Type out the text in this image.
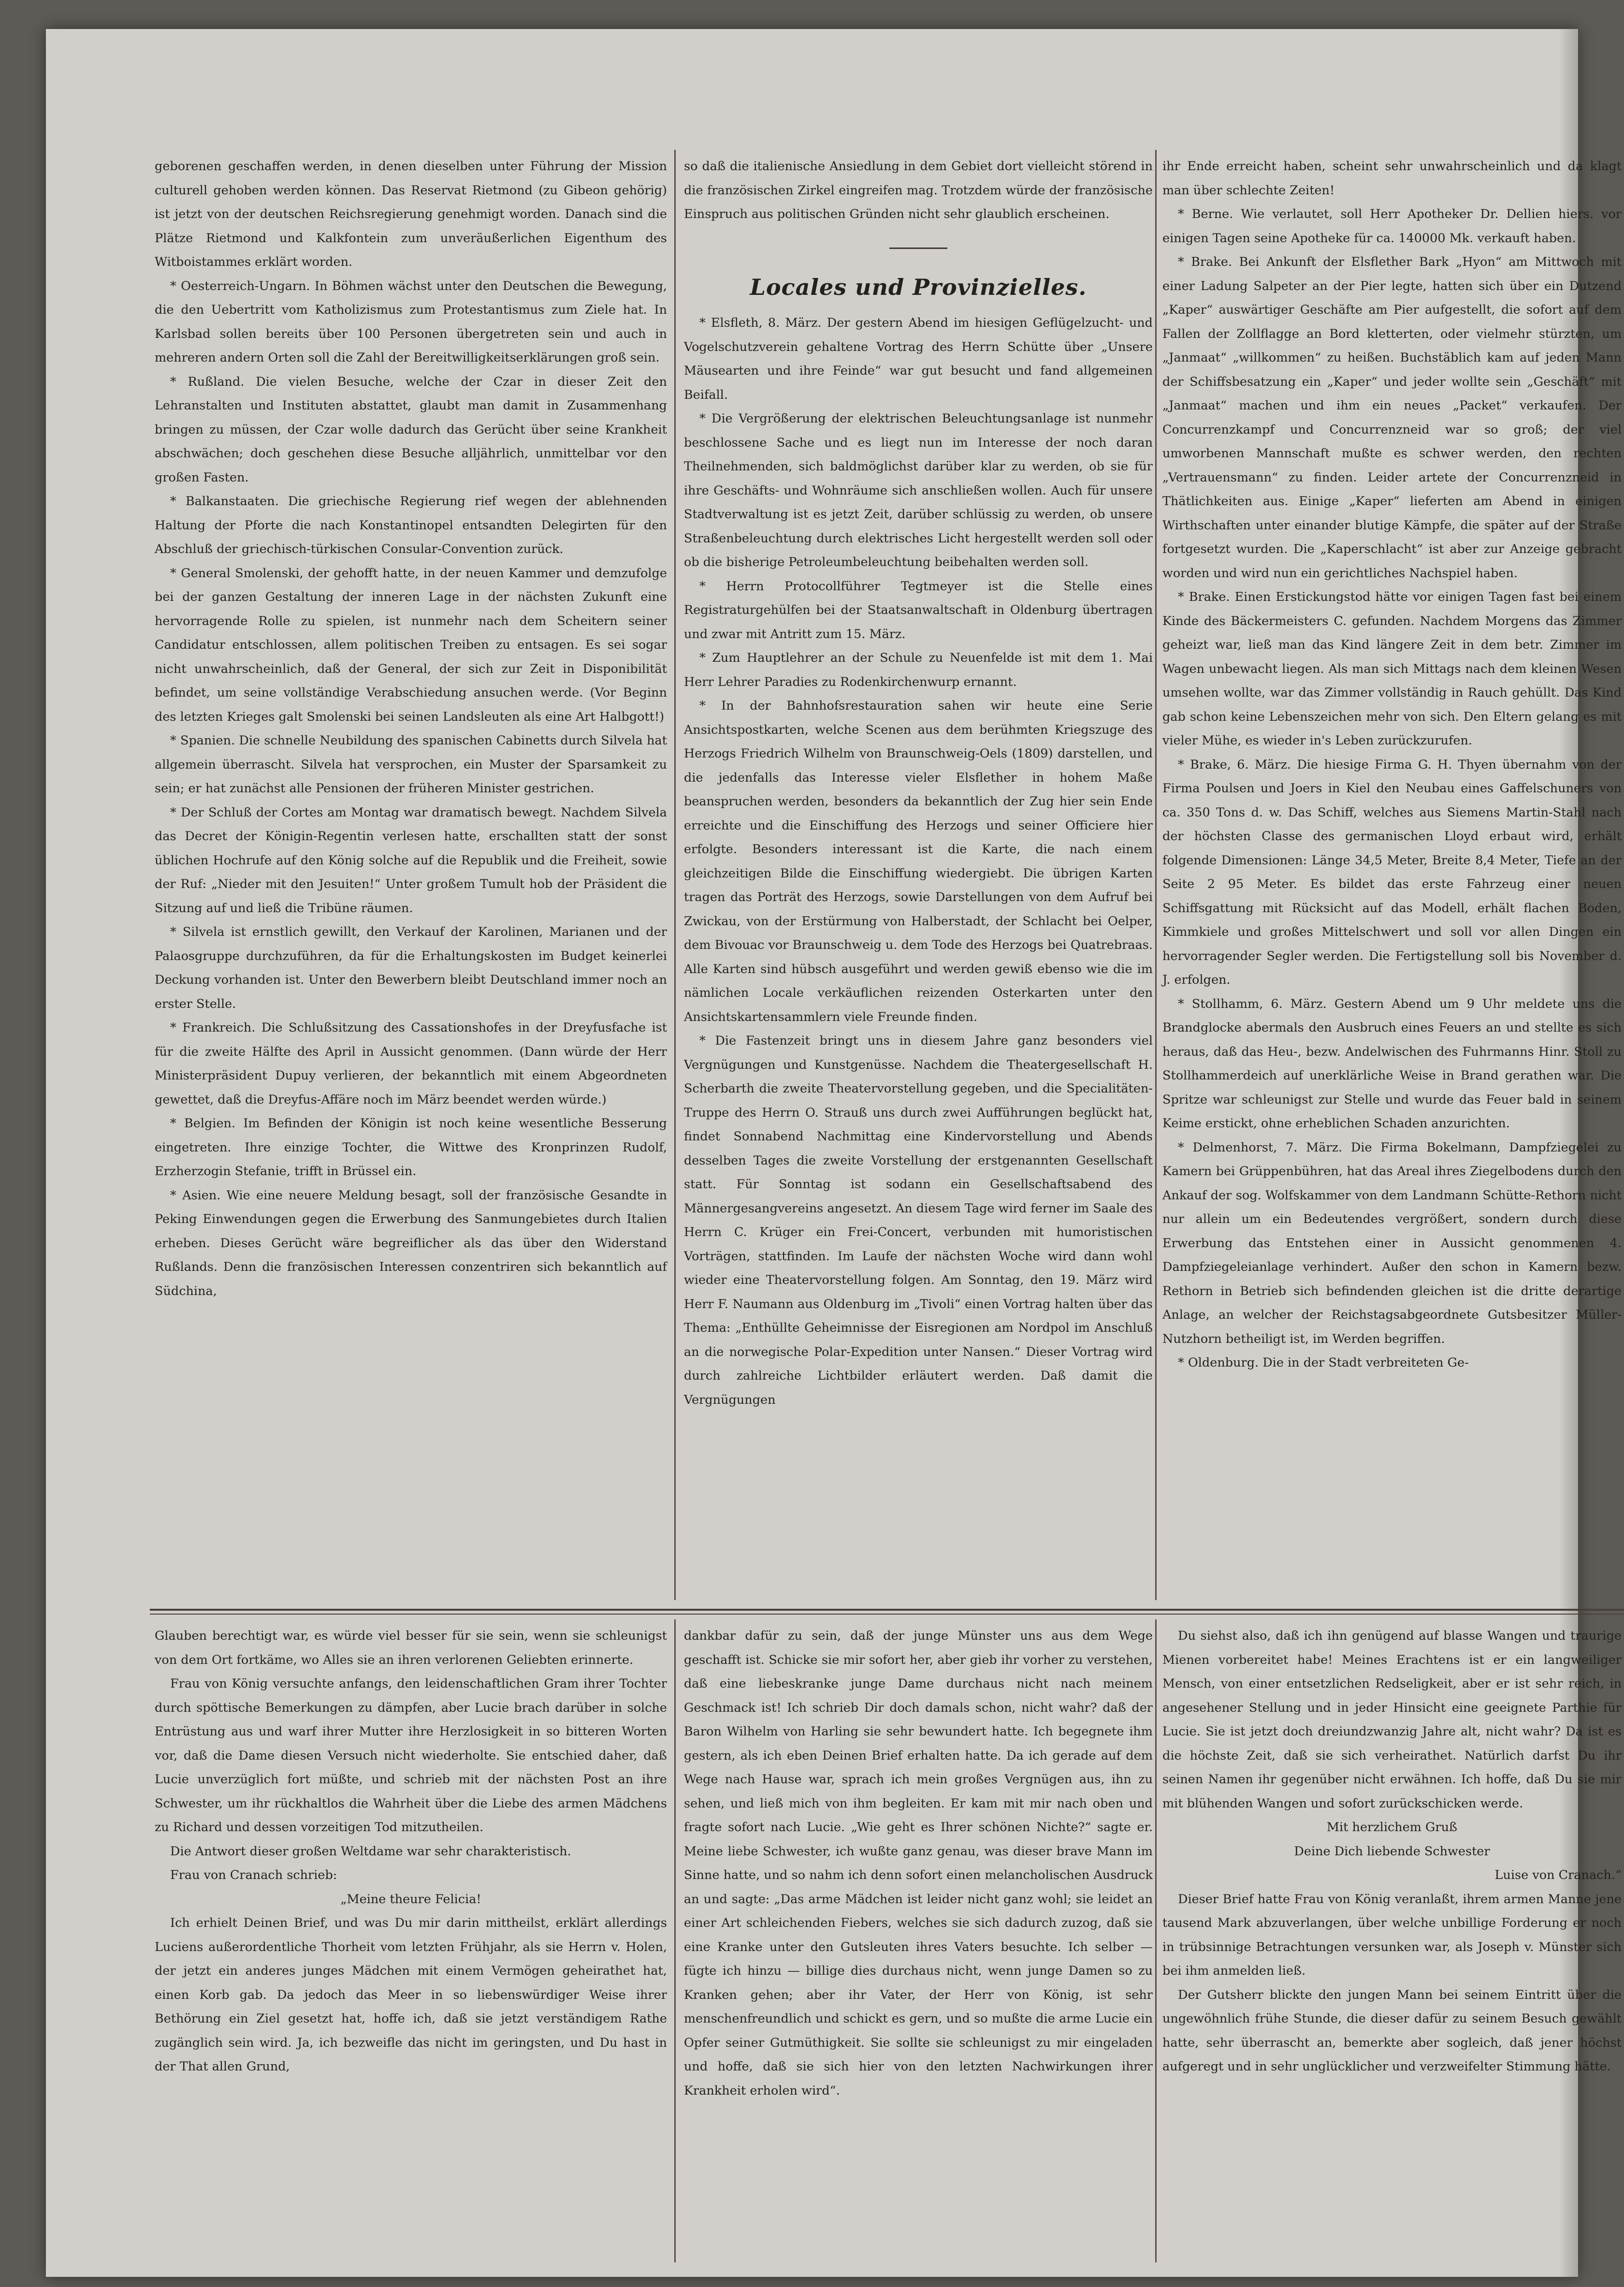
geborenen geschaffen werden, in denen dieselben unter Führung der Mission culturell gehoben werden können. Das Reservat Rietmond (zu Gibeon gehörig) ist jetzt von der deutschen Reichsregierung genehmigt worden. Danach sind die Plätze Rietmond und Kalkfontein zum unveräußerlichen Eigenthum des Witboistammes erklärt worden.

* Oesterreich-Ungarn. In Böhmen wächst unter den Deutschen die Bewegung, die den Uebertritt vom Katholizismus zum Protestantismus zum Ziele hat. In Karlsbad sollen bereits über 100 Personen übergetreten sein und auch in mehreren andern Orten soll die Zahl der Bereitwilligkeitserklärungen groß sein.

* Rußland. Die vielen Besuche, welche der Czar in dieser Zeit den Lehranstalten und Instituten abstattet, glaubt man damit in Zusammenhang bringen zu müssen, der Czar wolle dadurch das Gerücht über seine Krankheit abschwächen; doch geschehen diese Besuche alljährlich, unmittelbar vor den großen Fasten.

* Balkanstaaten. Die griechische Regierung rief wegen der ablehnenden Haltung der Pforte die nach Konstantinopel entsandten Delegirten für den Abschluß der griechisch-türkischen Consular-Convention zurück.

* General Smolenski, der gehofft hatte, in der neuen Kammer und demzufolge bei der ganzen Gestaltung der inneren Lage in der nächsten Zukunft eine hervorragende Rolle zu spielen, ist nunmehr nach dem Scheitern seiner Candidatur entschlossen, allem politischen Treiben zu entsagen. Es sei sogar nicht unwahrscheinlich, daß der General, der sich zur Zeit in Disponibilität befindet, um seine vollständige Verabschiedung ansuchen werde. (Vor Beginn des letzten Krieges galt Smolenski bei seinen Landsleuten als eine Art Halbgott!)

* Spanien. Die schnelle Neubildung des spanischen Cabinetts durch Silvela hat allgemein überrascht. Silvela hat versprochen, ein Muster der Sparsamkeit zu sein; er hat zunächst alle Pensionen der früheren Minister gestrichen.

* Der Schluß der Cortes am Montag war dramatisch bewegt. Nachdem Silvela das Decret der Königin-Regentin verlesen hatte, erschallten statt der sonst üblichen Hochrufe auf den König solche auf die Republik und die Freiheit, sowie der Ruf: „Nieder mit den Jesuiten!“ Unter großem Tumult hob der Präsident die Sitzung auf und ließ die Tribüne räumen.

* Silvela ist ernstlich gewillt, den Verkauf der Karolinen, Marianen und der Palaosgruppe durchzuführen, da für die Erhaltungskosten im Budget keinerlei Deckung vorhanden ist. Unter den Bewerbern bleibt Deutschland immer noch an erster Stelle.

* Frankreich. Die Schlußsitzung des Cassationshofes in der Dreyfusfache ist für die zweite Hälfte des April in Aussicht genommen. (Dann würde der Herr Ministerpräsident Dupuy verlieren, der bekanntlich mit einem Abgeordneten gewettet, daß die Dreyfus-Affäre noch im März beendet werden würde.)

* Belgien. Im Befinden der Königin ist noch keine wesentliche Besserung eingetreten. Ihre einzige Tochter, die Wittwe des Kronprinzen Rudolf, Erzherzogin Stefanie, trifft in Brüssel ein.

* Asien. Wie eine neuere Meldung besagt, soll der französische Gesandte in Peking Einwendungen gegen die Erwerbung des Sanmungebietes durch Italien erheben. Dieses Gerücht wäre begreiflicher als das über den Widerstand Rußlands. Denn die französischen Interessen conzentriren sich bekanntlich auf Südchina,

so daß die italienische Ansiedlung in dem Gebiet dort vielleicht störend in die französischen Zirkel eingreifen mag. Trotzdem würde der französische Einspruch aus politischen Gründen nicht sehr glaublich erscheinen.

Locales und Provinzielles.

* Elsfleth, 8. März. Der gestern Abend im hiesigen Geflügelzucht- und Vogelschutzverein gehaltene Vortrag des Herrn Schütte über „Unsere Mäusearten und ihre Feinde“ war gut besucht und fand allgemeinen Beifall.

* Die Vergrößerung der elektrischen Beleuchtungsanlage ist nunmehr beschlossene Sache und es liegt nun im Interesse der noch daran Theilnehmenden, sich baldmöglichst darüber klar zu werden, ob sie für ihre Geschäfts- und Wohnräume sich anschließen wollen. Auch für unsere Stadtverwaltung ist es jetzt Zeit, darüber schlüssig zu werden, ob unsere Straßenbeleuchtung durch elektrisches Licht hergestellt werden soll oder ob die bisherige Petroleumbeleuchtung beibehalten werden soll.

* Herrn Protocollführer Tegtmeyer ist die Stelle eines Registraturgehülfen bei der Staatsanwaltschaft in Oldenburg übertragen und zwar mit Antritt zum 15. März.

* Zum Hauptlehrer an der Schule zu Neuenfelde ist mit dem 1. Mai Herr Lehrer Paradies zu Rodenkirchenwurp ernannt.

* In der Bahnhofsrestauration sahen wir heute eine Serie Ansichtspostkarten, welche Scenen aus dem berühmten Kriegszuge des Herzogs Friedrich Wilhelm von Braunschweig-Oels (1809) darstellen, und die jedenfalls das Interesse vieler Elsflether in hohem Maße beanspruchen werden, besonders da bekanntlich der Zug hier sein Ende erreichte und die Einschiffung des Herzogs und seiner Officiere hier erfolgte. Besonders interessant ist die Karte, die nach einem gleichzeitigen Bilde die Einschiffung wiedergiebt. Die übrigen Karten tragen das Porträt des Herzogs, sowie Darstellungen von dem Aufruf bei Zwickau, von der Erstürmung von Halberstadt, der Schlacht bei Oelper, dem Bivouac vor Braunschweig u. dem Tode des Herzogs bei Quatrebraas. Alle Karten sind hübsch ausgeführt und werden gewiß ebenso wie die im nämlichen Locale verkäuflichen reizenden Osterkarten unter den Ansichtskartensammlern viele Freunde finden.

* Die Fastenzeit bringt uns in diesem Jahre ganz besonders viel Vergnügungen und Kunstgenüsse. Nachdem die Theatergesellschaft H. Scherbarth die zweite Theatervorstellung gegeben, und die Specialitäten-Truppe des Herrn O. Strauß uns durch zwei Aufführungen beglückt hat, findet Sonnabend Nachmittag eine Kindervorstellung und Abends desselben Tages die zweite Vorstellung der erstgenannten Gesellschaft statt. Für Sonntag ist sodann ein Gesellschaftsabend des Männergesangvereins angesetzt. An diesem Tage wird ferner im Saale des Herrn C. Krüger ein Frei-Concert, verbunden mit humoristischen Vorträgen, stattfinden. Im Laufe der nächsten Woche wird dann wohl wieder eine Theatervorstellung folgen. Am Sonntag, den 19. März wird Herr F. Naumann aus Oldenburg im „Tivoli“ einen Vortrag halten über das Thema: „Enthüllte Geheimnisse der Eisregionen am Nordpol im Anschluß an die norwegische Polar-Expedition unter Nansen.“ Dieser Vortrag wird durch zahlreiche Lichtbilder erläutert werden. Daß damit die Vergnügungen

ihr Ende erreicht haben, scheint sehr unwahrscheinlich und da klagt man über schlechte Zeiten!

* Berne. Wie verlautet, soll Herr Apotheker Dr. Dellien hiers. vor einigen Tagen seine Apotheke für ca. 140000 Mk. verkauft haben.

* Brake. Bei Ankunft der Elsflether Bark „Hyon“ am Mittwoch mit einer Ladung Salpeter an der Pier legte, hatten sich über ein Dutzend „Kaper“ auswärtiger Geschäfte am Pier aufgestellt, die sofort auf dem Fallen der Zollflagge an Bord kletterten, oder vielmehr stürzten, um „Janmaat“ „willkommen“ zu heißen. Buchstäblich kam auf jeden Mann der Schiffsbesatzung ein „Kaper“ und jeder wollte sein „Geschäft“ mit „Janmaat“ machen und ihm ein neues „Packet“ verkaufen. Der Concurrenzkampf und Concurrenzneid war so groß; der viel umworbenen Mannschaft mußte es schwer werden, den rechten „Vertrauensmann“ zu finden. Leider artete der Concurrenzneid in Thätlichkeiten aus. Einige „Kaper“ lieferten am Abend in einigen Wirthschaften unter einander blutige Kämpfe, die später auf der Straße fortgesetzt wurden. Die „Kaperschlacht“ ist aber zur Anzeige gebracht worden und wird nun ein gerichtliches Nachspiel haben.

* Brake. Einen Erstickungstod hätte vor einigen Tagen fast bei einem Kinde des Bäckermeisters C. gefunden. Nachdem Morgens das Zimmer geheizt war, ließ man das Kind längere Zeit in dem betr. Zimmer im Wagen unbewacht liegen. Als man sich Mittags nach dem kleinen Wesen umsehen wollte, war das Zimmer vollständig in Rauch gehüllt. Das Kind gab schon keine Lebenszeichen mehr von sich. Den Eltern gelang es mit vieler Mühe, es wieder in's Leben zurückzurufen.

* Brake, 6. März. Die hiesige Firma G. H. Thyen übernahm von der Firma Poulsen und Joers in Kiel den Neubau eines Gaffelschuners von ca. 350 Tons d. w. Das Schiff, welches aus Siemens Martin-Stahl nach der höchsten Classe des germanischen Lloyd erbaut wird, erhält folgende Dimensionen: Länge 34,5 Meter, Breite 8,4 Meter, Tiefe an der Seite 2 95 Meter. Es bildet das erste Fahrzeug einer neuen Schiffsgattung mit Rücksicht auf das Modell, erhält flachen Boden, Kimmkiele und großes Mittelschwert und soll vor allen Dingen ein hervorragender Segler werden. Die Fertigstellung soll bis November d. J. erfolgen.

* Stollhamm, 6. März. Gestern Abend um 9 Uhr meldete uns die Brandglocke abermals den Ausbruch eines Feuers an und stellte es sich heraus, daß das Heu-, bezw. Andelwischen des Fuhrmanns Hinr. Stoll zu Stollhammerdeich auf unerklärliche Weise in Brand gerathen war. Die Spritze war schleunigst zur Stelle und wurde das Feuer bald in seinem Keime erstickt, ohne erheblichen Schaden anzurichten.

* Delmenhorst, 7. März. Die Firma Bokelmann, Dampfziegelei zu Kamern bei Grüppenbühren, hat das Areal ihres Ziegelbodens durch den Ankauf der sog. Wolfskammer von dem Landmann Schütte-Rethorn nicht nur allein um ein Bedeutendes vergrößert, sondern durch diese Erwerbung das Entstehen einer in Aussicht genommenen 4. Dampfziegeleianlage verhindert. Außer den schon in Kamern bezw. Rethorn in Betrieb sich befindenden gleichen ist die dritte derartige Anlage, an welcher der Reichstagsabgeordnete Gutsbesitzer Müller-Nutzhorn betheiligt ist, im Werden begriffen.

* Oldenburg. Die in der Stadt verbreiteten Ge-

Glauben berechtigt war, es würde viel besser für sie sein, wenn sie schleunigst von dem Ort fortkäme, wo Alles sie an ihren verlorenen Geliebten erinnerte.

Frau von König versuchte anfangs, den leidenschaftlichen Gram ihrer Tochter durch spöttische Bemerkungen zu dämpfen, aber Lucie brach darüber in solche Entrüstung aus und warf ihrer Mutter ihre Herzlosigkeit in so bitteren Worten vor, daß die Dame diesen Versuch nicht wiederholte. Sie entschied daher, daß Lucie unverzüglich fort müßte, und schrieb mit der nächsten Post an ihre Schwester, um ihr rückhaltlos die Wahrheit über die Liebe des armen Mädchens zu Richard und dessen vorzeitigen Tod mitzutheilen.

Die Antwort dieser großen Weltdame war sehr charakteristisch.

Frau von Cranach schrieb:

„Meine theure Felicia!

Ich erhielt Deinen Brief, und was Du mir darin mittheilst, erklärt allerdings Luciens außerordentliche Thorheit vom letzten Frühjahr, als sie Herrn v. Holen, der jetzt ein anderes junges Mädchen mit einem Vermögen geheirathet hat, einen Korb gab. Da jedoch das Meer in so liebenswürdiger Weise ihrer Bethörung ein Ziel gesetzt hat, hoffe ich, daß sie jetzt verständigem Rathe zugänglich sein wird. Ja, ich bezweifle das nicht im geringsten, und Du hast in der That allen Grund,

dankbar dafür zu sein, daß der junge Münster uns aus dem Wege geschafft ist. Schicke sie mir sofort her, aber gieb ihr vorher zu verstehen, daß eine liebeskranke junge Dame durchaus nicht nach meinem Geschmack ist! Ich schrieb Dir doch damals schon, nicht wahr? daß der Baron Wilhelm von Harling sie sehr bewundert hatte. Ich begegnete ihm gestern, als ich eben Deinen Brief erhalten hatte. Da ich gerade auf dem Wege nach Hause war, sprach ich mein großes Vergnügen aus, ihn zu sehen, und ließ mich von ihm begleiten. Er kam mit mir nach oben und fragte sofort nach Lucie. „Wie geht es Ihrer schönen Nichte?“ sagte er. Meine liebe Schwester, ich wußte ganz genau, was dieser brave Mann im Sinne hatte, und so nahm ich denn sofort einen melancholischen Ausdruck an und sagte: „Das arme Mädchen ist leider nicht ganz wohl; sie leidet an einer Art schleichenden Fiebers, welches sie sich dadurch zuzog, daß sie eine Kranke unter den Gutsleuten ihres Vaters besuchte. Ich selber — fügte ich hinzu — billige dies durchaus nicht, wenn junge Damen so zu Kranken gehen; aber ihr Vater, der Herr von König, ist sehr menschenfreundlich und schickt es gern, und so mußte die arme Lucie ein Opfer seiner Gutmüthigkeit. Sie sollte sie schleunigst zu mir eingeladen und hoffe, daß sie sich hier von den letzten Nachwirkungen ihrer Krankheit erholen wird“.

Du siehst also, daß ich ihn genügend auf blasse Wangen und traurige Mienen vorbereitet habe! Meines Erachtens ist er ein langweiliger Mensch, von einer entsetzlichen Redseligkeit, aber er ist sehr reich, in angesehener Stellung und in jeder Hinsicht eine geeignete Parthie für Lucie. Sie ist jetzt doch dreiundzwanzig Jahre alt, nicht wahr? Da ist es die höchste Zeit, daß sie sich verheirathet. Natürlich darfst Du ihr seinen Namen ihr gegenüber nicht erwähnen. Ich hoffe, daß Du sie mir mit blühenden Wangen und sofort zurückschicken werde.

Mit herzlichem Gruß

Deine Dich liebende Schwester

Luise von Cranach.“

Dieser Brief hatte Frau von König veranlaßt, ihrem armen Manne jene tausend Mark abzuverlangen, über welche unbillige Forderung er noch in trübsinnige Betrachtungen versunken war, als Joseph v. Münster sich bei ihm anmelden ließ.

Der Gutsherr blickte den jungen Mann bei seinem Eintritt über die ungewöhnlich frühe Stunde, die dieser dafür zu seinem Besuch gewählt hatte, sehr überrascht an, bemerkte aber sogleich, daß jener höchst aufgeregt und in sehr unglücklicher und verzweifelter Stimmung hätte.
